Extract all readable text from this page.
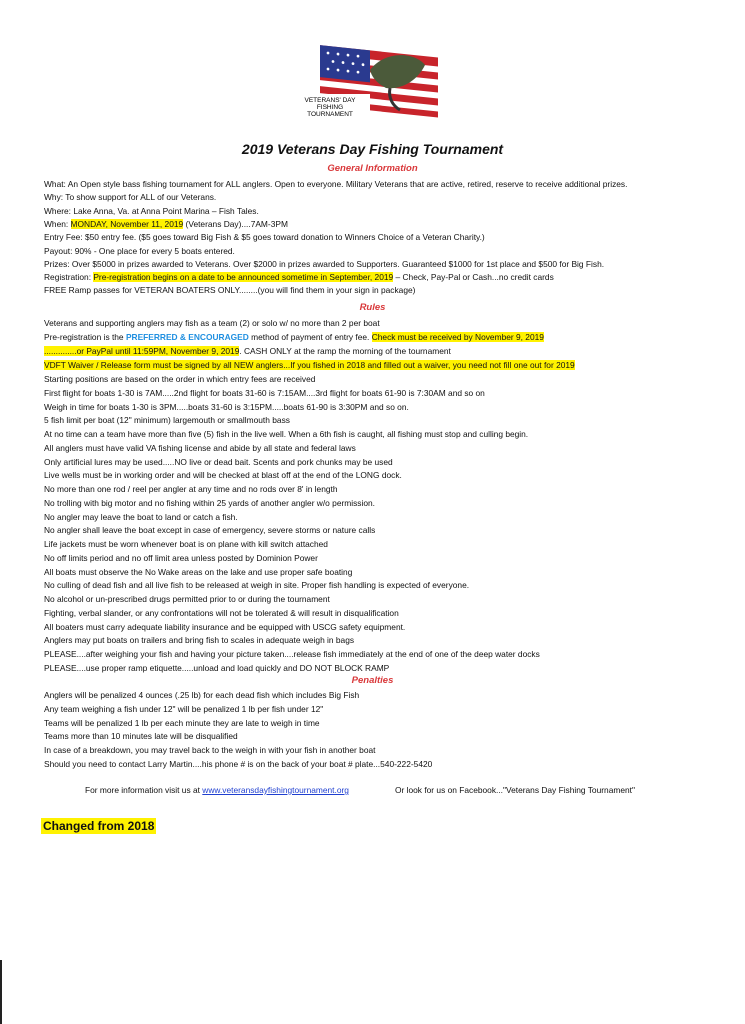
VETERANS' DAY
FISHING
TOURNAMENT
2019 Veterans Day Fishing Tournament
General Information
What: An Open style bass fishing tournament for ALL anglers. Open to everyone. Military Veterans that are active, retired, reserve to receive additional prizes.
Why: To show support for ALL of our Veterans.
Where: Lake Anna, Va. at Anna Point Marina – Fish Tales.
When: MONDAY, November 11, 2019 (Veterans Day)....7AM-3PM
Entry Fee: $50 entry fee. ($5 goes toward Big Fish & $5 goes toward donation to Winners Choice of a Veteran Charity.)
Payout: 90% - One place for every 5 boats entered.
Prizes: Over $5000 in prizes awarded to Veterans. Over $2000 in prizes awarded to Supporters. Guaranteed $1000 for 1st place and $500 for Big Fish.
Registration: Pre-registration begins on a date to be announced sometime in September, 2019 – Check, Pay-Pal or Cash...no credit cards
FREE Ramp passes for VETERAN BOATERS ONLY........(you will find them in your sign in package)
Rules
Veterans and supporting anglers may fish as a team (2) or solo w/ no more than 2 per boat
Pre-registration is the PREFERRED & ENCOURAGED method of payment of entry fee. Check must be received by November 9, 2019
..............or PayPal until 11:59PM, November 9, 2019. CASH ONLY at the ramp the morning of the tournament
VDFT Waiver / Release form must be signed by all NEW anglers...If you fished in 2018 and filled out a waiver, you need not fill one out for 2019
Starting positions are based on the order in which entry fees are received
First flight for boats 1-30 is 7AM.....2nd flight for boats 31-60 is 7:15AM....3rd flight for boats 61-90 is 7:30AM and so on
Weigh in time for boats 1-30 is 3PM.....boats 31-60 is 3:15PM.....boats 61-90 is 3:30PM and so on.
5 fish limit per boat (12" minimum) largemouth or smallmouth bass
At no time can a team have more than five (5) fish in the live well. When a 6th fish is caught, all fishing must stop and culling begin.
All anglers must have valid VA fishing license and abide by all state and federal laws
Only artificial lures may be used.....NO live or dead bait. Scents and pork chunks may be used
Live wells must be in working order and will be checked at blast off at the end of the LONG dock.
No more than one rod / reel per angler at any time and no rods over 8' in length
No trolling with big motor and no fishing within 25 yards of another angler w/o permission.
No angler may leave the boat to land or catch a fish.
No angler shall leave the boat except in case of emergency, severe storms or nature calls
Life jackets must be worn whenever boat is on plane with kill switch attached
No off limits period and no off limit area unless posted by Dominion Power
All boats must observe the No Wake areas on the lake and use proper safe boating
No culling of dead fish and all live fish to be released at weigh in site. Proper fish handling is expected of everyone.
No alcohol or un-prescribed drugs permitted prior to or during the tournament
Fighting, verbal slander, or any confrontations will not be tolerated & will result in disqualification
All boaters must carry adequate liability insurance and be equipped with USCG safety equipment.
Anglers may put boats on trailers and bring fish to scales in adequate weigh in bags
PLEASE....after weighing your fish and having your picture taken....release fish immediately at the end of one of the deep water docks
PLEASE....use proper ramp etiquette.....unload and load quickly and DO NOT BLOCK RAMP
Penalties
Anglers will be penalized 4 ounces (.25 lb) for each dead fish which includes Big Fish
Any team weighing a fish under 12" will be penalized 1 lb per fish under 12"
Teams will be penalized 1 lb per each minute they are late to weigh in time
Teams more than 10 minutes late will be disqualified
In case of a breakdown, you may travel back to the weigh in with your fish in another boat
Should you need to contact Larry Martin....his phone # is on the back of your boat # plate...540-222-5420
For more information visit us at www.veteransdayfishingtournament.org	Or look for us on Facebook..."Veterans Day Fishing Tournament"
Changed from 2018
